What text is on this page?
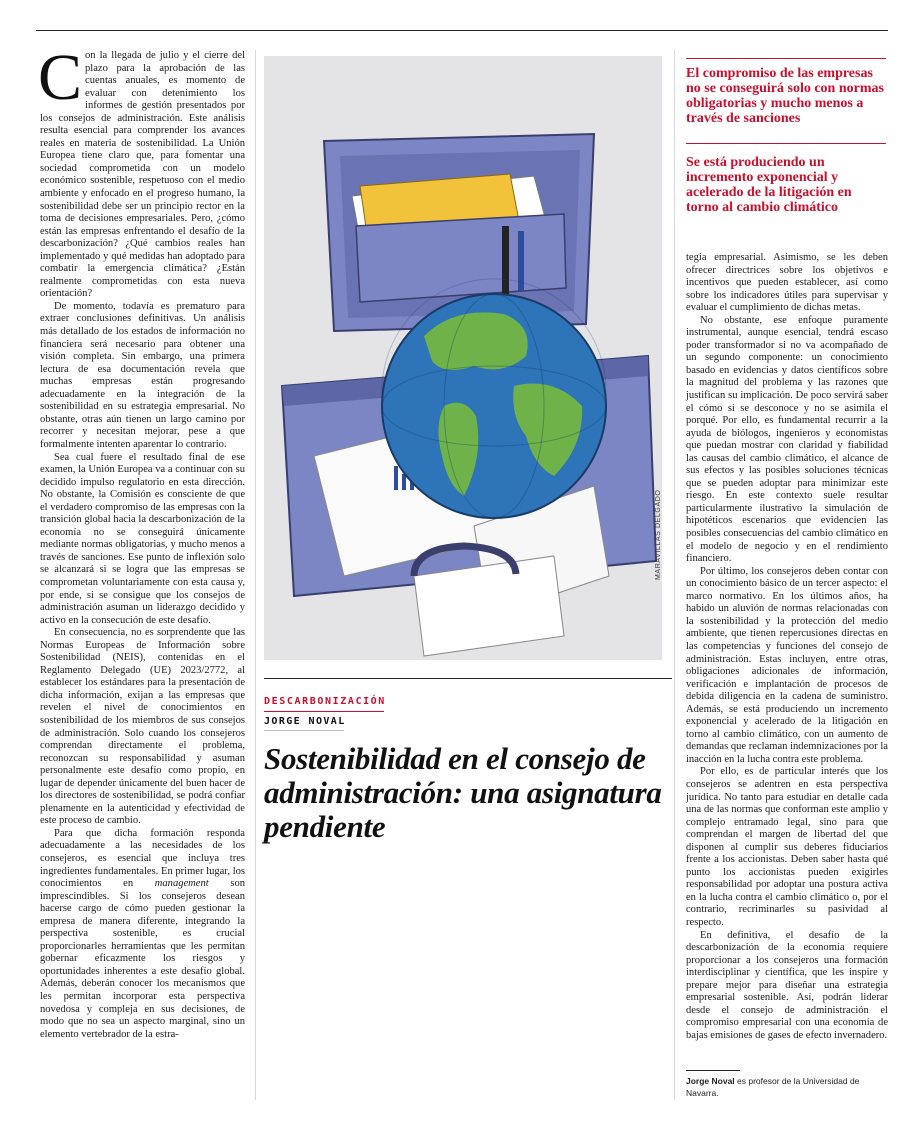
Con la llegada de julio y el cierre del plazo para la aprobación de las cuentas anuales, es momento de evaluar con detenimiento los informes de gestión presentados por los consejos de administración. Este análisis resulta esencial para comprender los avances reales en materia de sostenibilidad. La Unión Europea tiene claro que, para fomentar una sociedad comprometida con un modelo económico sostenible, respetuoso con el medio ambiente y enfocado en el progreso humano, la sostenibilidad debe ser un principio rector en la toma de decisiones empresariales. Pero, ¿cómo están las empresas enfrentando el desafío de la descarbonización? ¿Qué cambios reales han implementado y qué medidas han adoptado para combatir la emergencia climática? ¿Están realmente comprometidas con esta nueva orientación?

De momento, todavía es prematuro para extraer conclusiones definitivas. Un análisis más detallado de los estados de información no financiera será necesario para obtener una visión completa. Sin embargo, una primera lectura de esa documentación revela que muchas empresas están progresando adecuadamente en la integración de la sostenibilidad en su estrategia empresarial. No obstante, otras aún tienen un largo camino por recorrer y necesitan mejorar, pese a que formalmente intenten aparentar lo contrario.

Sea cual fuere el resultado final de ese examen, la Unión Europea va a continuar con su decidido impulso regulatorio en esta dirección. No obstante, la Comisión es consciente de que el verdadero compromiso de las empresas con la transición global hacia la descarbonización de la economía no se conseguirá únicamente mediante normas obligatorias, y mucho menos a través de sanciones. Ese punto de inflexión solo se alcanzará si se logra que las empresas se comprometan voluntariamente con esta causa y, por ende, si se consigue que los consejos de administración asuman un liderazgo decidido y activo en la consecución de este desafío.

En consecuencia, no es sorprendente que las Normas Europeas de Información sobre Sostenibilidad (NEIS), contenidas en el Reglamento Delegado (UE) 2023/2772, al establecer los estándares para la presentación de dicha información, exijan a las empresas que revelen el nivel de conocimientos en sostenibilidad de los miembros de sus consejos de administración. Solo cuando los consejeros comprendan directamente el problema, reconozcan su responsabilidad y asuman personalmente este desafío como propio, en lugar de depender únicamente del buen hacer de los directores de sostenibilidad, se podrá confiar plenamente en la autenticidad y efectividad de este proceso de cambio.

Para que dicha formación responda adecuadamente a las necesidades de los consejeros, es esencial que incluya tres ingredientes fundamentales. En primer lugar, los conocimientos en management son imprescindibles. Si los consejeros desean hacerse cargo de cómo pueden gestionar la empresa de manera diferente, integrando la perspectiva sostenible, es crucial proporcionarles herramientas que les permitan gobernar eficazmente los riesgos y oportunidades inherentes a este desafío global. Además, deberán conocer los mecanismos que les permitan incorporar esta perspectiva novedosa y compleja en sus decisiones, de modo que no sea un aspecto marginal, sino un elemento vertebrador de la estra-

MARAVILLAS DELGADO
DESCARBONIZACIÓN
JORGE NOVAL
Sostenibilidad en el consejo de administración: una asignatura pendiente
El compromiso de las empresas no se conseguirá solo con normas obligatorias y mucho menos a través de sanciones
Se está produciendo un incremento exponencial y acelerado de la litigación en torno al cambio climático

tegia empresarial. Asimismo, se les deben ofrecer directrices sobre los objetivos e incentivos que pueden establecer, así como sobre los indicadores útiles para supervisar y evaluar el cumplimiento de dichas metas.

No obstante, ese enfoque puramente instrumental, aunque esencial, tendrá escaso poder transformador si no va acompañado de un segundo componente: un conocimiento basado en evidencias y datos científicos sobre la magnitud del problema y las razones que justifican su implicación. De poco servirá saber el cómo si se desconoce y no se asimila el porqué. Por ello, es fundamental recurrir a la ayuda de biólogos, ingenieros y economistas que puedan mostrar con claridad y fiabilidad las causas del cambio climático, el alcance de sus efectos y las posibles soluciones técnicas que se pueden adoptar para minimizar este riesgo. En este contexto suele resultar particularmente ilustrativo la simulación de hipotéticos escenarios que evidencien las posibles consecuencias del cambio climático en el modelo de negocio y en el rendimiento financiero.

Por último, los consejeros deben contar con un conocimiento básico de un tercer aspecto: el marco normativo. En los últimos años, ha habido un aluvión de normas relacionadas con la sostenibilidad y la protección del medio ambiente, que tienen repercusiones directas en las competencias y funciones del consejo de administración. Estas incluyen, entre otras, obligaciones adicionales de información, verificación e implantación de procesos de debida diligencia en la cadena de suministro. Además, se está produciendo un incremento exponencial y acelerado de la litigación en torno al cambio climático, con un aumento de demandas que reclaman indemnizaciones por la inacción en la lucha contra este problema.

Por ello, es de particular interés que los consejeros se adentren en esta perspectiva jurídica. No tanto para estudiar en detalle cada una de las normas que conforman este amplio y complejo entramado legal, sino para que comprendan el margen de libertad del que disponen al cumplir sus deberes fiduciarios frente a los accionistas. Deben saber hasta qué punto los accionistas pueden exigirles responsabilidad por adoptar una postura activa en la lucha contra el cambio climático o, por el contrario, recriminarles su pasividad al respecto.

En definitiva, el desafío de la descarbonización de la economía requiere proporcionar a los consejeros una formación interdisciplinar y científica, que les inspire y prepare mejor para diseñar una estrategia empresarial sostenible. Así, podrán liderar desde el consejo de administración el compromiso empresarial con una economía de bajas emisiones de gases de efecto invernadero.

Jorge Noval es profesor de la Universidad de Navarra.
